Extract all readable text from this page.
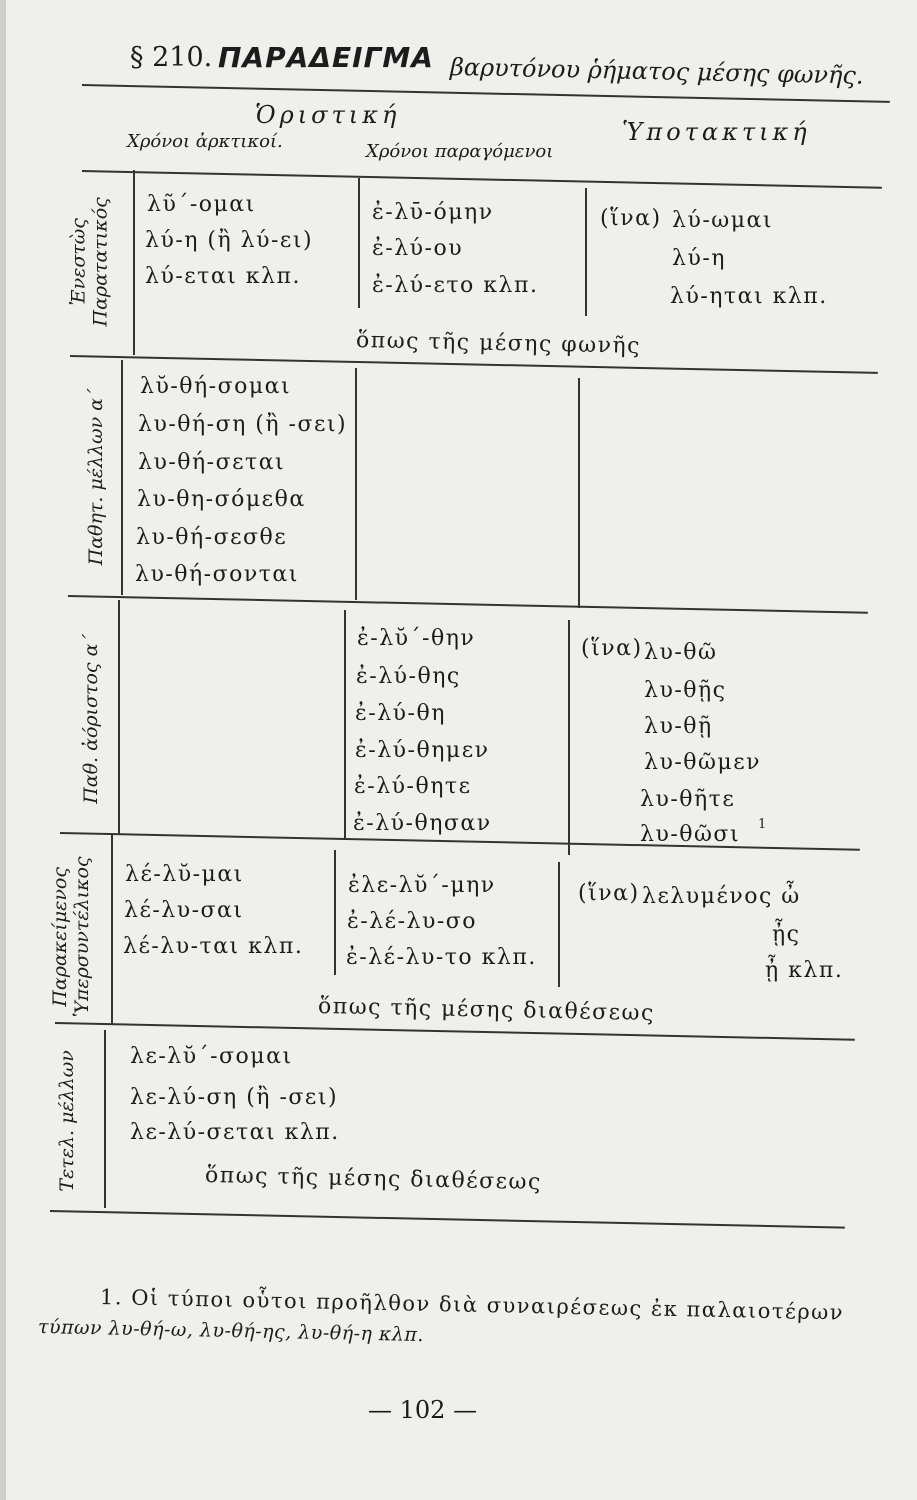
§ 210. ΠΑΡΑΔΕΙΓΜΑ βαρυτόνου ῥήματος μέσης φωνῆς.
Ὁριστική
Ὑποτακτική
Χρόνοι ἀρκτικοί.	Χρόνοι παραγόμενοι
Ἐνεστὼς Παρατατικός
Παθητ. μέλλων α΄
Παθ. ἀόριστος α΄
Παρακείμενος Ὑπερσυντέλικος
Τετελ. μέλλων
λῦ΄-ομαι
λύ-η (ἢ λύ-ει)
λύ-εται κλπ.
ἐ-λῡ-όμην
ἐ-λύ-ου
ἐ-λύ-ετο κλπ.
(ἵνα) λύ-ωμαι
λύ-η
λύ-ηται κλπ.
ὅπως τῆς μέσης φωνῆς
λῠ-θή-σομαι
λυ-θή-ση (ἢ -σει)
λυ-θή-σεται
λυ-θη-σόμεθα
λυ-θή-σεσθε
λυ-θή-σονται
ἐ-λῠ΄-θην
ἐ-λύ-θης
ἐ-λύ-θη
ἐ-λύ-θημεν
ἐ-λύ-θητε
ἐ-λύ-θησαν
(ἵνα) λυ-θῶ
λυ-θῇς
λυ-θῇ
λυ-θῶμεν
λυ-θῆτε
λυ-θῶσι 1
λέ-λῠ-μαι
λέ-λυ-σαι
λέ-λυ-ται κλπ.
ἐλε-λῠ΄-μην
ἐ-λέ-λυ-σο
ἐ-λέ-λυ-το κλπ.
(ἵνα) λελυμένος ὦ
ᾖς
ᾖ κλπ.
ὅπως τῆς μέσης διαθέσεως
λε-λῠ΄-σομαι
λε-λύ-ση (ἢ -σει)
λε-λύ-σεται κλπ.
ὅπως τῆς μέσης διαθέσεως
1. Οἱ τύποι οὗτοι προῆλθον διὰ συναιρέσεως ἐκ παλαιοτέρων
τύπων λυ-θή-ω, λυ-θή-ης, λυ-θή-η κλπ.
— 102 —
